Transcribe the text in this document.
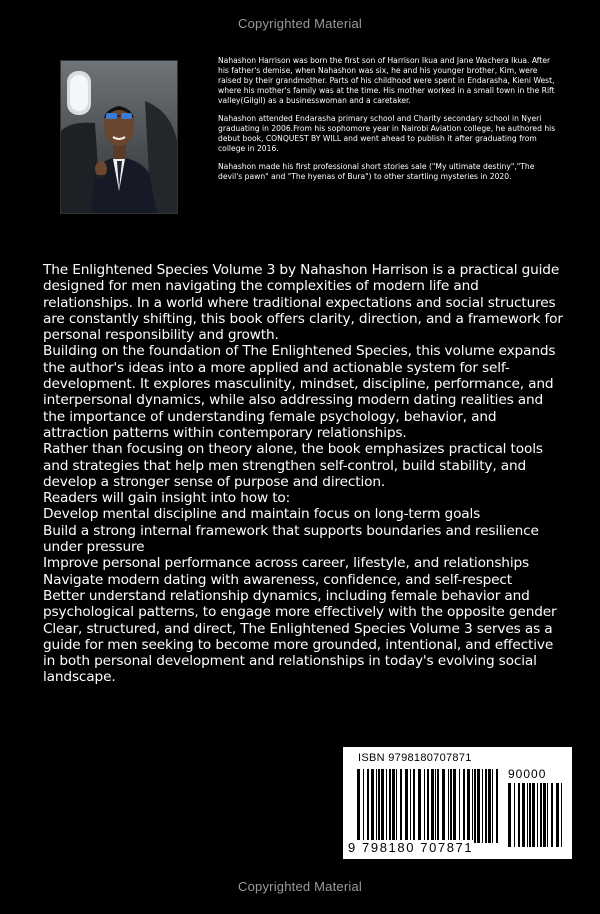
Copyrighted Material

Nahashon Harrison was born the first son of Harrison Ikua and Jane Wachera Ikua. After his father's demise, when Nahashon was six, he and his younger brother, Kim, were raised by their grandmother. Parts of his childhood were spent in Endarasha, Kieni West, where his mother's family was at the time. His mother worked in a small town in the Rift valley(Gilgil) as a businesswoman and a caretaker.

Nahashon attended Endarasha primary school and Charity secondary school in Nyeri graduating in 2006.From his sophomore year in Nairobi Aviation college, he authored his debut book, CONQUEST BY WILL and went ahead to publish it after graduating from college in 2016.

Nahashon made his first professional short stories sale ("My ultimate destiny","The devil's pawn" and "The hyenas of Bura") to other startling mysteries in 2020.

The Enlightened Species Volume 3 by Nahashon Harrison is a practical guide designed for men navigating the complexities of modern life and relationships. In a world where traditional expectations and social structures are constantly shifting, this book offers clarity, direction, and a framework for personal responsibility and growth.

Building on the foundation of The Enlightened Species, this volume expands the author's ideas into a more applied and actionable system for self-development. It explores masculinity, mindset, discipline, performance, and interpersonal dynamics, while also addressing modern dating realities and the importance of understanding female psychology, behavior, and attraction patterns within contemporary relationships.

Rather than focusing on theory alone, the book emphasizes practical tools and strategies that help men strengthen self-control, build stability, and develop a stronger sense of purpose and direction.

Readers will gain insight into how to:

Develop mental discipline and maintain focus on long-term goals

Build a strong internal framework that supports boundaries and resilience under pressure

Improve personal performance across career, lifestyle, and relationships

Navigate modern dating with awareness, confidence, and self-respect

Better understand relationship dynamics, including female behavior and psychological patterns, to engage more effectively with the opposite gender

Clear, structured, and direct, The Enlightened Species Volume 3 serves as a guide for men seeking to become more grounded, intentional, and effective in both personal development and relationships in today's evolving social landscape.

ISBN 9798180707871
90000
9 798180 707871
Copyrighted Material
